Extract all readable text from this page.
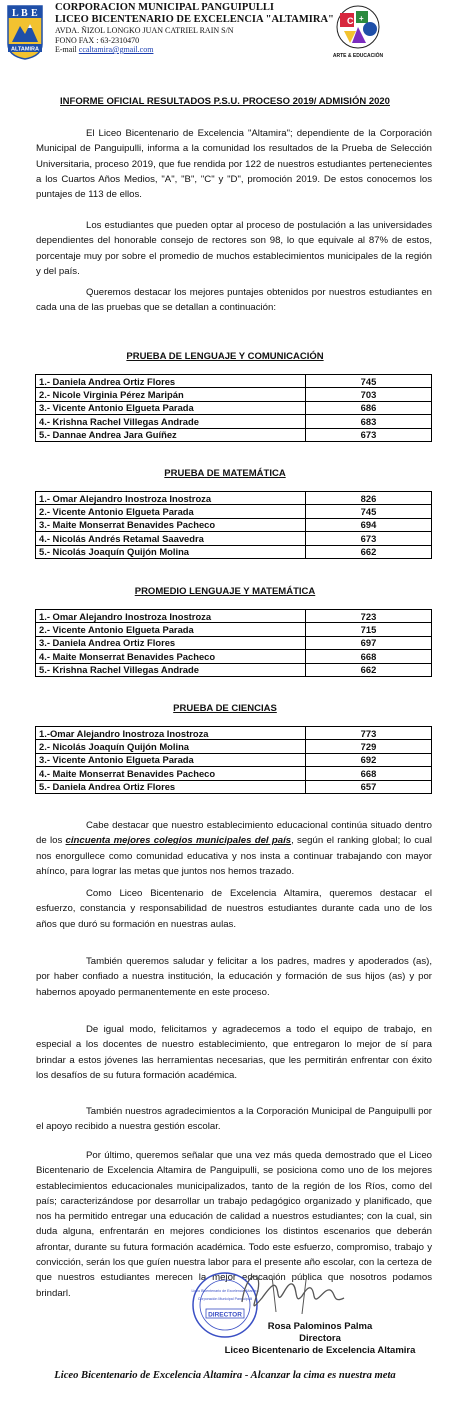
L B E
ALTAMIRA
CORPORACION MUNICIPAL PANGUIPULLI
LICEO BICENTENARIO DE EXCELENCIA "ALTAMIRA"
AVDA. ÑIZOL LONGKO JUAN CATRIEL RAIN S/N
FONO FAX : 63-2310470
E-mail ccaltamira@gmail.com
C +
ARTE & EDUCACIÓN
INFORME OFICIAL RESULTADOS P.S.U. PROCESO 2019/ ADMISIÓN 2020

El Liceo Bicentenario de Excelencia "Altamira"; dependiente de la Corporación Municipal de Panguipulli, informa a la comunidad los resultados de la Prueba de Selección Universitaria, proceso 2019, que fue rendida por 122 de nuestros estudiantes pertenecientes a los Cuartos Años Medios, "A", "B", "C" y "D", promoción 2019. De estos conocemos los puntajes de 113 de ellos.

Los estudiantes que pueden optar al proceso de postulación a las universidades dependientes del honorable consejo de rectores son 98, lo que equivale al 87% de estos, porcentaje muy por sobre el promedio de muchos establecimientos municipales de la región y del país.

Queremos destacar los mejores puntajes obtenidos por nuestros estudiantes en cada una de las pruebas que se detallan a continuación:

PRUEBA DE LENGUAJE Y COMUNICACIÓN
1.- Daniela Andrea Ortiz Flores	745
2.- Nicole Virginia Pérez Maripán	703
3.- Vicente Antonio Elgueta Parada	686
4.- Krishna Rachel Villegas Andrade	683
5.- Dannae Andrea Jara Guíñez	673
PRUEBA DE MATEMÁTICA
1.- Omar Alejandro Inostroza Inostroza	826
2.- Vicente Antonio Elgueta Parada	745
3.- Maite Monserrat Benavides Pacheco	694
4.- Nicolás Andrés Retamal Saavedra	673
5.- Nicolás Joaquín Quijón Molina	662
PROMEDIO LENGUAJE Y MATEMÁTICA
1.- Omar Alejandro Inostroza Inostroza	723
2.- Vicente Antonio Elgueta Parada	715
3.- Daniela Andrea Ortiz Flores	697
4.- Maite Monserrat Benavides Pacheco	668
5.- Krishna Rachel Villegas Andrade	662
PRUEBA DE CIENCIAS
1.-Omar Alejandro Inostroza Inostroza	773
2.- Nicolás Joaquín Quijón Molina	729
3.- Vicente Antonio Elgueta Parada	692
4.- Maite Monserrat Benavides Pacheco	668
5.- Daniela Andrea Ortiz Flores	657

Cabe destacar que nuestro establecimiento educacional continúa situado dentro de los cincuenta mejores colegios municipales del país, según el ranking global; lo cual nos enorgullece como comunidad educativa y nos insta a continuar trabajando con mayor ahínco, para lograr las metas que juntos nos hemos trazado.

Como Liceo Bicentenario de Excelencia Altamira, queremos destacar el esfuerzo, constancia y responsabilidad de nuestros estudiantes durante cada uno de los años que duró su formación en nuestras aulas.

También queremos saludar y felicitar a los padres, madres y apoderados (as), por haber confiado a nuestra institución, la educación y formación de sus hijos (as) y por habernos apoyado permanentemente en este proceso.

De igual modo, felicitamos y agradecemos a todo el equipo de trabajo, en especial a los docentes de nuestro establecimiento, que entregaron lo mejor de sí para brindar a estos jóvenes las herramientas necesarias, que les permitirán enfrentar con éxito los desafíos de su futura formación académica.

También nuestros agradecimientos a la Corporación Municipal de Panguipulli por el apoyo recibido a nuestra gestión escolar.

Por último, queremos señalar que una vez más queda demostrado que el Liceo Bicentenario de Excelencia Altamira de Panguipulli, se posiciona como uno de los mejores establecimientos educacionales municipalizados, tanto de la región de los Ríos, como del país; caracterizándose por desarrollar un trabajo pedagógico organizado y planificado, que nos ha permitido entregar una educación de calidad a nuestros estudiantes; con la cual, sin duda alguna, enfrentarán en mejores condiciones los distintos escenarios que deberán afrontar, durante su futura formación académica. Todo este esfuerzo, compromiso, trabajo y convicción, serán los que guíen nuestra labor para el presente año escolar, con la certeza de que nuestros estudiantes merecen la mejor educación pública que nosotros podamos brindarl.

DIRECTOR
Liceo Bicentenario de Excelencia Altamira
Corporación Municipal Panguipulli
Rosa Palominos Palma
Directora
Liceo Bicentenario de Excelencia Altamira
Liceo Bicentenario de Excelencia Altamira - Alcanzar la cima es nuestra meta
